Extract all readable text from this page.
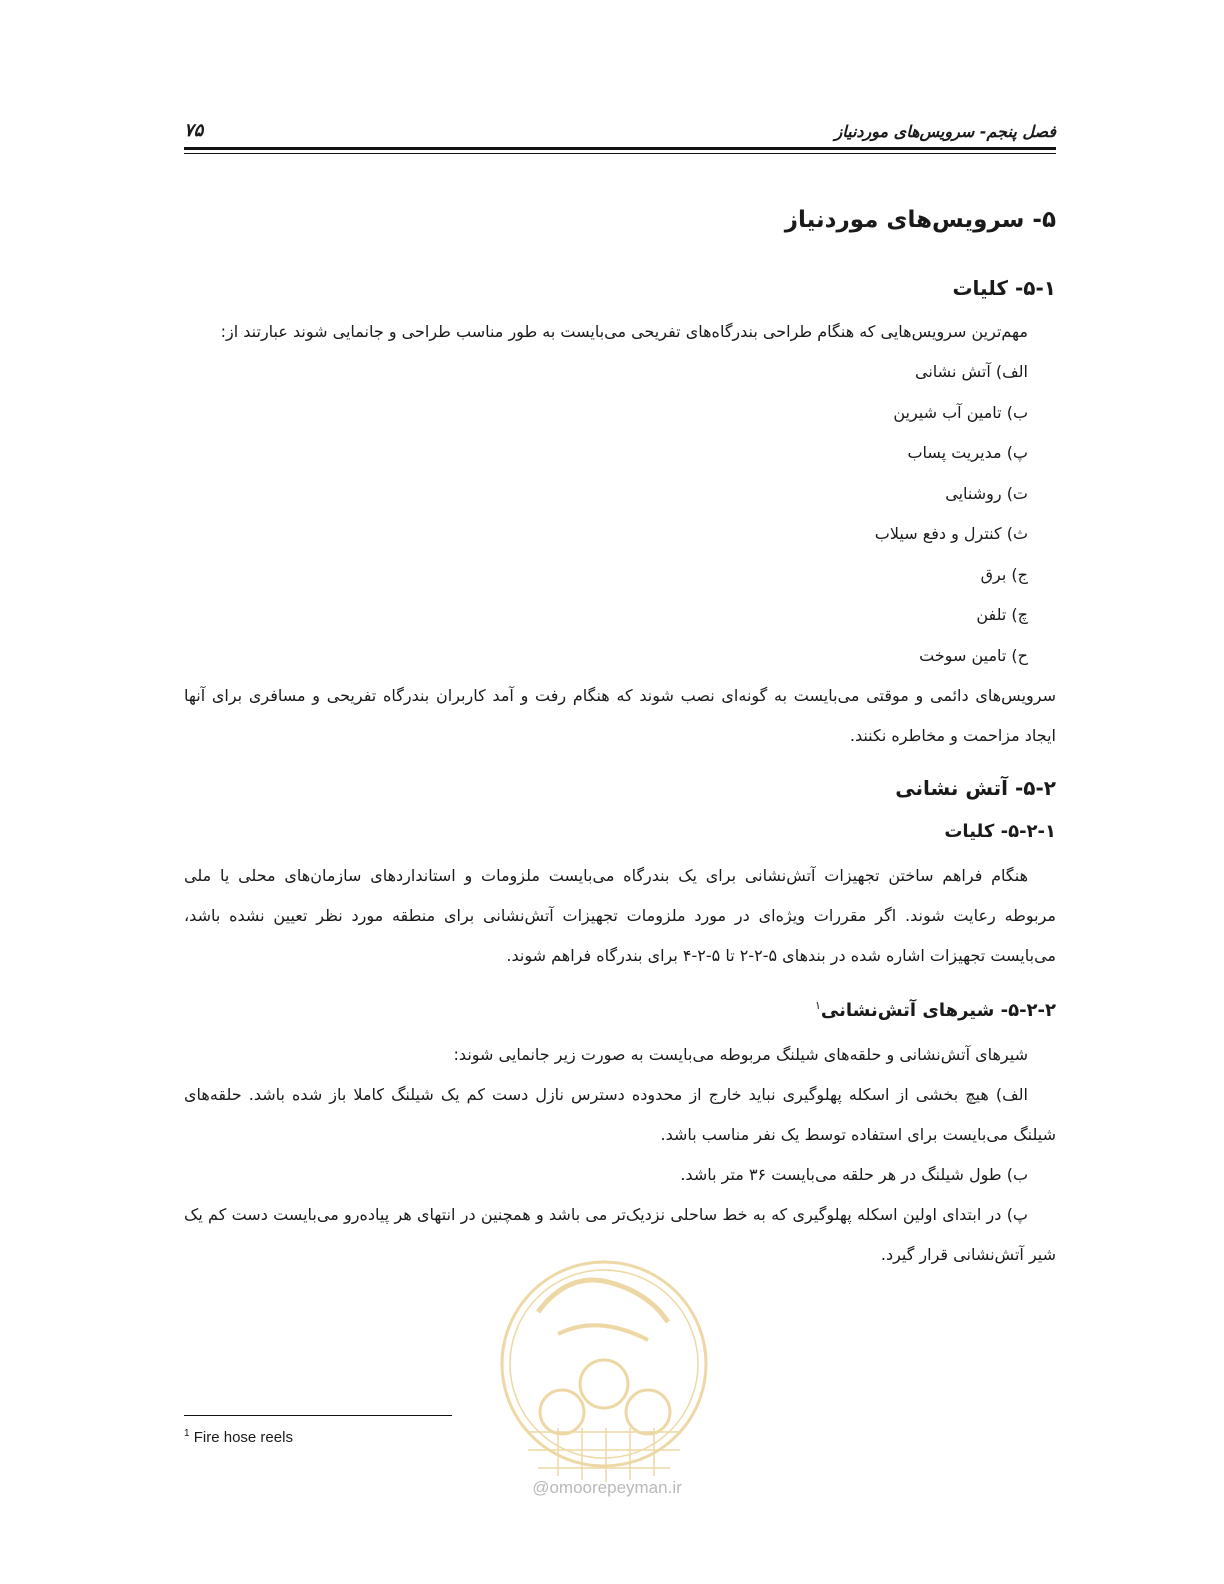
فصل پنجم- سرویس‌های موردنیاز
۷۵
۵- سرویس‌های موردنیاز
۵-۱- کلیات

مهم‌ترین سرویس‌هایی که هنگام طراحی بندرگاه‌های تفریحی می‌بایست به طور مناسب طراحی و جانمایی شوند عبارتند از:

الف) آتش نشانی
ب) تامین آب شیرین
پ) مدیریت پساب
ت) روشنایی
ث) کنترل و دفع سیلاب
ج) برق
چ) تلفن
ح) تامین سوخت

سرویس‌های دائمی و موقتی می‌بایست به گونه‌ای نصب شوند که هنگام رفت و آمد کاربران بندرگاه تفریحی و مسافری برای آنها ایجاد مزاحمت و مخاطره نکنند.

۵-۲- آتش نشانی
۵-۲-۱- کلیات

هنگام فراهم ساختن تجهیزات آتش‌نشانی برای یک بندرگاه می‌بایست ملزومات و استانداردهای سازمان‌های محلی یا ملی مربوطه رعایت شوند. اگر مقررات ویژه‌ای در مورد ملزومات تجهیزات آتش‌نشانی برای منطقه مورد نظر تعیین نشده باشد، می‌بایست تجهیزات اشاره شده در بندهای ۵-۲-۲ تا ۵-۲-۴ برای بندرگاه فراهم شوند.

۵-۲-۲- شیرهای آتش‌نشانی$^۱$

شیرهای آتش‌نشانی و حلقه‌های شیلنگ مربوطه می‌بایست به صورت زیر جانمایی شوند:

الف) هیچ بخشی از اسکله پهلوگیری نباید خارج از محدوده دسترس نازل دست کم یک شیلنگ کاملا باز شده باشد. حلقه‌های شیلنگ می‌بایست برای استفاده توسط یک نفر مناسب باشد.

ب) طول شیلنگ در هر حلقه می‌بایست ۳۶ متر باشد.

پ) در ابتدای اولین اسکله پهلوگیری که به خط ساحلی نزدیک‌تر می باشد و همچنین در انتهای هر پیاده‌رو می‌بایست دست کم یک شیر آتش‌نشانی قرار گیرد.

$^1$ Fire hose reels
@omoorepeyman.ir
